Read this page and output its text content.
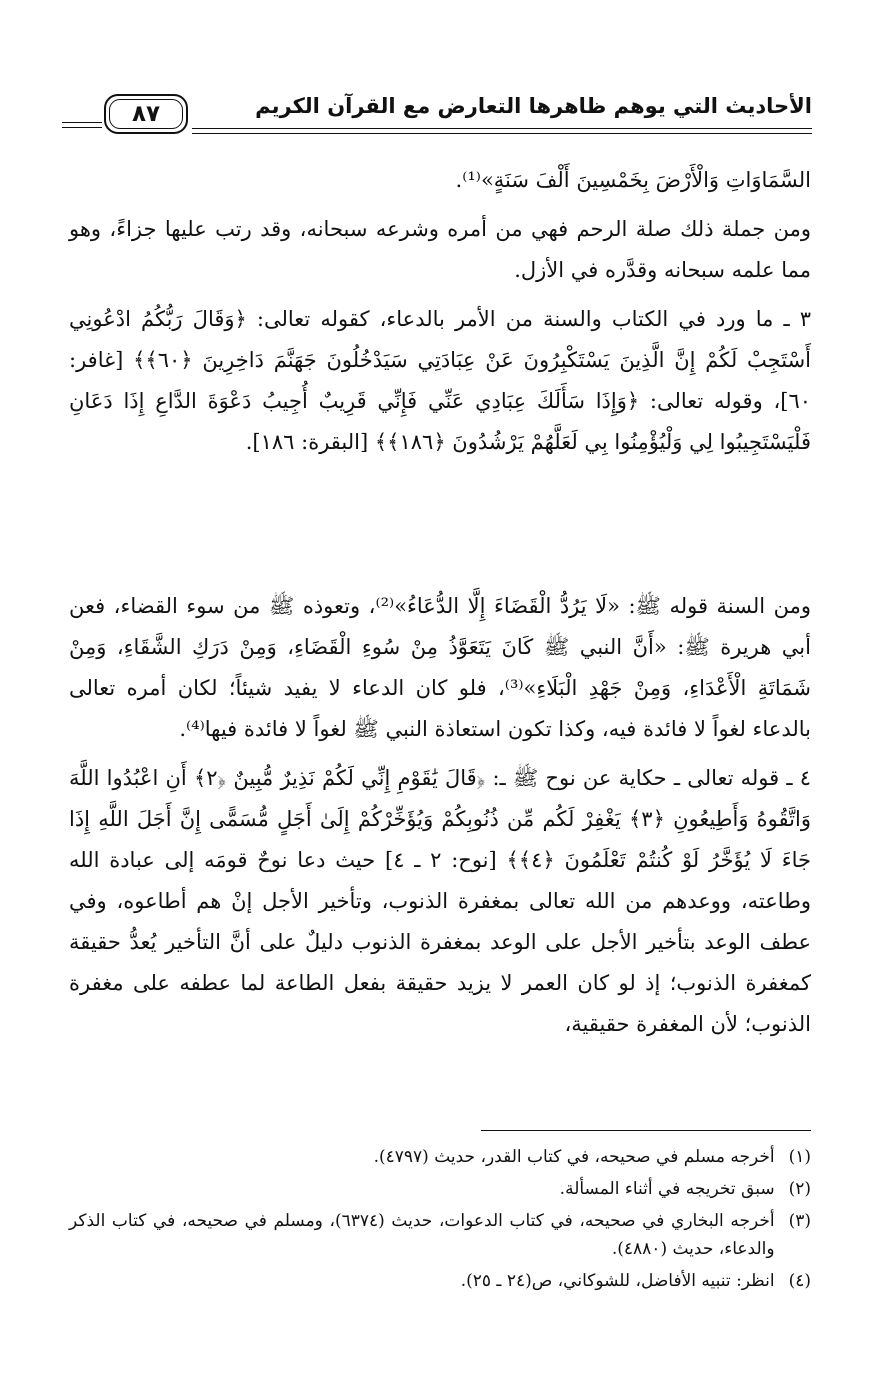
الأحاديث التي يوهم ظاهرها التعارض مع القرآن الكريم
٨٧

السَّمَاوَاتِ وَالْأَرْضَ بِخَمْسِينَ أَلْفَ سَنَةٍ»⁽¹⁾.

ومن جملة ذلك صلة الرحم فهي من أمره وشرعه سبحانه، وقد رتب عليها جزاءً، وهو مما علمه سبحانه وقدَّره في الأزل.

٣ ـ ما ورد في الكتاب والسنة من الأمر بالدعاء، كقوله تعالى: ﴿وَقَالَ رَبُّكُمُ ادْعُونِي أَسْتَجِبْ لَكُمْ إِنَّ الَّذِينَ يَسْتَكْبِرُونَ عَنْ عِبَادَتِي سَيَدْخُلُونَ جَهَنَّمَ دَاخِرِينَ ﴿٦٠﴾﴾ [غافر: ٦٠]، وقوله تعالى: ﴿وَإِذَا سَأَلَكَ عِبَادِي عَنِّي فَإِنِّي قَرِيبٌ أُجِيبُ دَعْوَةَ الدَّاعِ إِذَا دَعَانِ فَلْيَسْتَجِيبُوا لِي وَلْيُؤْمِنُوا بِي لَعَلَّهُمْ يَرْشُدُونَ ﴿١٨٦﴾﴾ [البقرة: ١٨٦].

ومن السنة قوله ﷺ: «لَا يَرُدُّ الْقَضَاءَ إِلَّا الدُّعَاءُ»⁽²⁾، وتعوذه ﷺ من سوء القضاء، فعن أبي هريرة ﷺ: «أَنَّ النبي ﷺ كَانَ يَتَعَوَّذُ مِنْ سُوءِ الْقَضَاءِ، وَمِنْ دَرَكِ الشَّقَاءِ، وَمِنْ شَمَاتَةِ الْأَعْدَاءِ، وَمِنْ جَهْدِ الْبَلَاءِ»⁽³⁾، فلو كان الدعاء لا يفيد شيئاً؛ لكان أمره تعالى بالدعاء لغواً لا فائدة فيه، وكذا تكون استعاذة النبي ﷺ لغواً لا فائدة فيها⁽⁴⁾.

٤ ـ قوله تعالى ـ حكاية عن نوح ﷺ ـ: ﴿قَالَ يَٰقَوْمِ إِنِّي لَكُمْ نَذِيرٌ مُّبِينٌ ﴿٢﴾ أَنِ اعْبُدُوا اللَّهَ وَاتَّقُوهُ وَأَطِيعُونِ ﴿٣﴾ يَغْفِرْ لَكُم مِّن ذُنُوبِكُمْ وَيُؤَخِّرْكُمْ إِلَىٰ أَجَلٍ مُّسَمًّى إِنَّ أَجَلَ اللَّهِ إِذَا جَاءَ لَا يُؤَخَّرُ لَوْ كُنتُمْ تَعْلَمُونَ ﴿٤﴾﴾ [نوح: ٢ ـ ٤] حيث دعا نوحٌ قومَه إلى عبادة الله وطاعته، ووعدهم من الله تعالى بمغفرة الذنوب، وتأخير الأجل إنْ هم أطاعوه، وفي عطف الوعد بتأخير الأجل على الوعد بمغفرة الذنوب دليلٌ على أنَّ التأخير يُعدُّ حقيقة كمغفرة الذنوب؛ إذ لو كان العمر لا يزيد حقيقة بفعل الطاعة لما عطفه على مغفرة الذنوب؛ لأن المغفرة حقيقية،

(١)
أخرجه مسلم في صحيحه، في كتاب القدر، حديث (٤٧٩٧).
(٢)
سبق تخريجه في أثناء المسألة.
(٣)
أخرجه البخاري في صحيحه، في كتاب الدعوات، حديث (٦٣٧٤)، ومسلم في صحيحه، في كتاب الذكر والدعاء، حديث (٤٨٨٠).
(٤)
انظر: تنبيه الأفاضل، للشوكاني، ص(٢٤ ـ ٢٥).
